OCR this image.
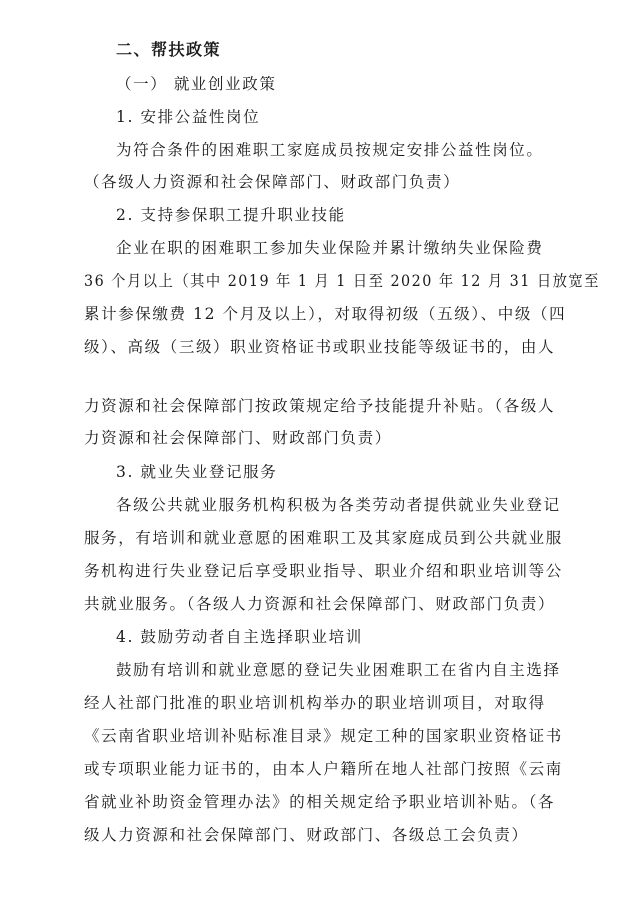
二、帮扶政策
（一） 就业创业政策
1. 安排公益性岗位
为符合条件的困难职工家庭成员按规定安排公益性岗位。
（各级人力资源和社会保障部门、财政部门负责）
2. 支持参保职工提升职业技能
企业在职的困难职工参加失业保险并累计缴纳失业保险费
36 个月以上（其中 2019 年 1 月 1 日至 2020 年 12 月 31 日放宽至
累计参保缴费 12 个月及以上），对取得初级（五级）、中级（四
级）、高级（三级）职业资格证书或职业技能等级证书的，由人
力资源和社会保障部门按政策规定给予技能提升补贴。（各级人
力资源和社会保障部门、财政部门负责）
3. 就业失业登记服务
各级公共就业服务机构积极为各类劳动者提供就业失业登记
服务，有培训和就业意愿的困难职工及其家庭成员到公共就业服
务机构进行失业登记后享受职业指导、职业介绍和职业培训等公
共就业服务。（各级人力资源和社会保障部门、财政部门负责）
4. 鼓励劳动者自主选择职业培训
鼓励有培训和就业意愿的登记失业困难职工在省内自主选择
经人社部门批准的职业培训机构举办的职业培训项目，对取得
《云南省职业培训补贴标准目录》规定工种的国家职业资格证书
或专项职业能力证书的，由本人户籍所在地人社部门按照《云南
省就业补助资金管理办法》的相关规定给予职业培训补贴。（各
级人力资源和社会保障部门、财政部门、各级总工会负责）
